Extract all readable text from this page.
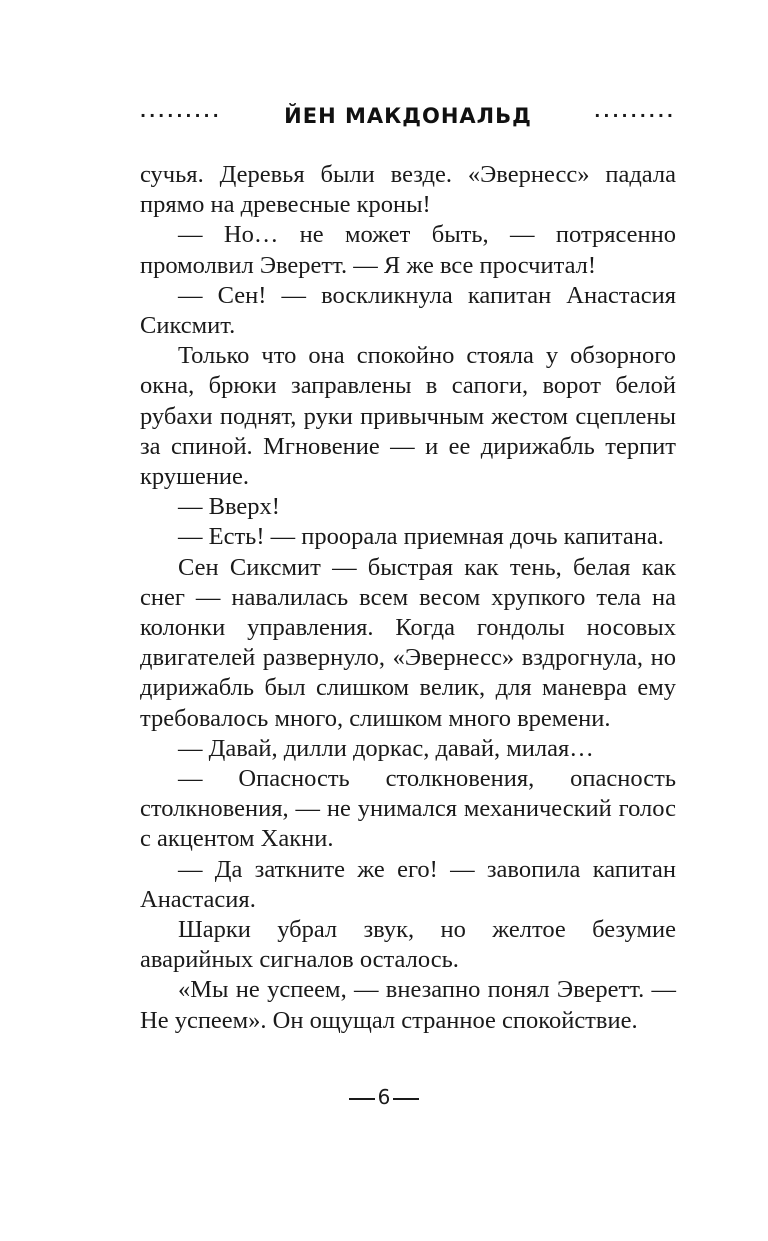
·········	ЙЕН МАКДОНАЛЬД	·········

сучья. Деревья были везде. «Эвернесс» падала прямо на древесные кроны!

— Но… не может быть, — потрясенно промолвил Эверетт. — Я же все просчитал!

— Сен! — воскликнула капитан Анастасия Сиксмит.

Только что она спокойно стояла у обзорного окна, брюки заправлены в сапоги, ворот белой рубахи поднят, руки привычным жестом сцеплены за спиной. Мгновение — и ее дирижабль терпит крушение.

— Вверх!

— Есть! — проорала приемная дочь капитана.

Сен Сиксмит — быстрая как тень, белая как снег — навалилась всем весом хрупкого тела на колонки управления. Когда гондолы носовых двигателей развернуло, «Эвернесс» вздрогнула, но дирижабль был слишком велик, для маневра ему требовалось много, слишком много времени.

— Давай, дилли доркас, давай, милая…

— Опасность столкновения, опасность столкновения, — не унимался механический голос с акцентом Хакни.

— Да заткните же его! — завопила капитан Анастасия.

Шарки убрал звук, но желтое безумие аварийных сигналов осталось.

«Мы не успеем, — внезапно понял Эверетт. — Не успеем». Он ощущал странное спокойствие.

6
